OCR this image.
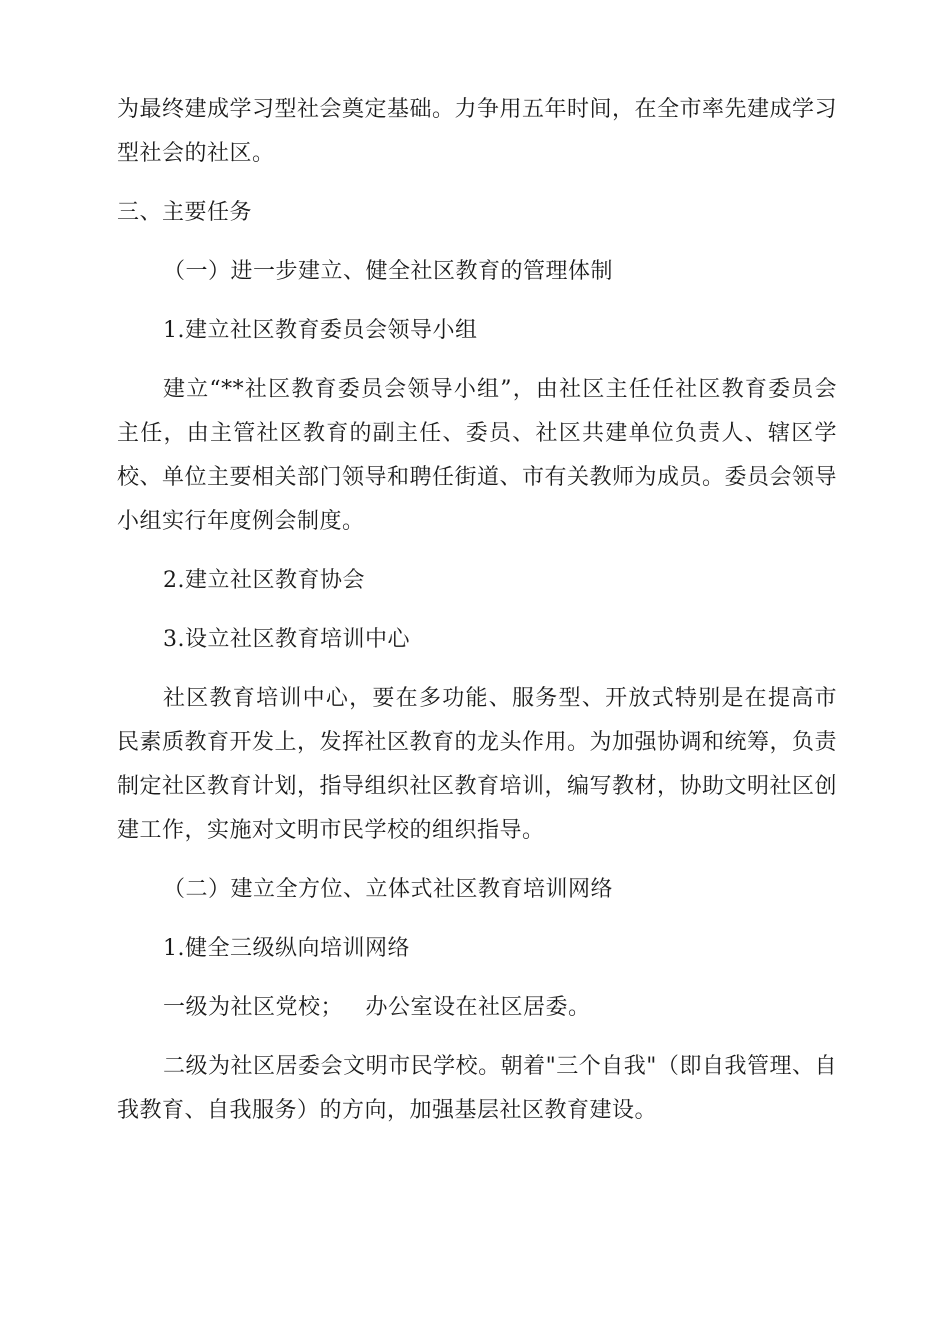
为最终建成学习型社会奠定基础。力争用五年时间，在全市率先建成学习型社会的社区。

三、主要任务

（一）进一步建立、健全社区教育的管理体制

1.建立社区教育委员会领导小组

建立“**社区教育委员会领导小组”，由社区主任任社区教育委员会主任，由主管社区教育的副主任、委员、社区共建单位负责人、辖区学校、单位主要相关部门领导和聘任街道、市有关教师为成员。委员会领导小组实行年度例会制度。

2.建立社区教育协会

3.设立社区教育培训中心

社区教育培训中心，要在多功能、服务型、开放式特别是在提高市民素质教育开发上，发挥社区教育的龙头作用。为加强协调和统筹，负责制定社区教育计划，指导组织社区教育培训，编写教材，协助文明社区创建工作，实施对文明市民学校的组织指导。

（二）建立全方位、立体式社区教育培训网络

1.健全三级纵向培训网络

一级为社区党校；   办公室设在社区居委。

二级为社区居委会文明市民学校。朝着"三个自我"（即自我管理、自我教育、自我服务）的方向，加强基层社区教育建设。
